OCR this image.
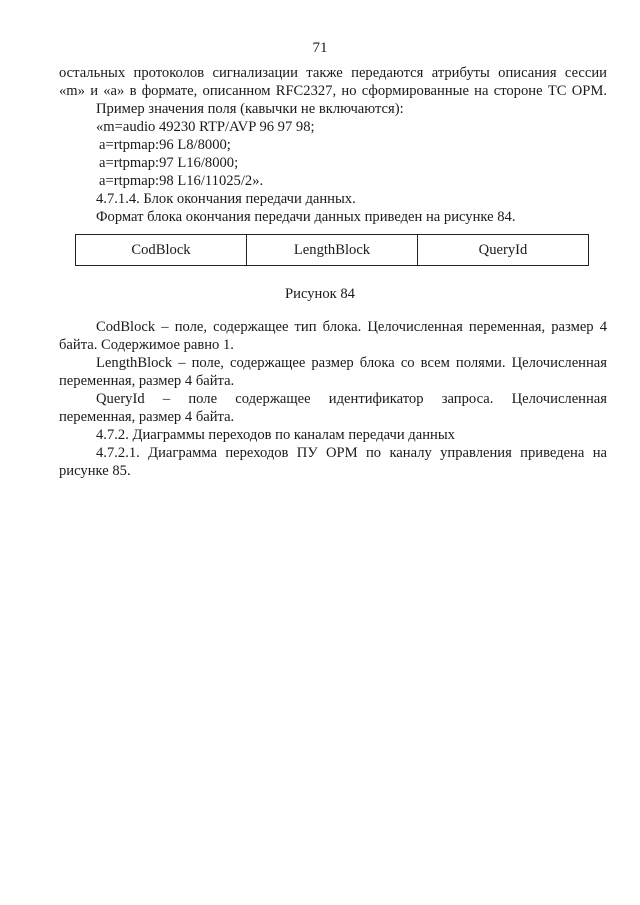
71
остальных протоколов сигнализации также передаются атрибуты описания сессии
«m» и «a» в формате, описанном RFC2327, но сформированные на стороне ТС ОРМ.
Пример значения поля (кавычки не включаются):
«m=audio 49230 RTP/AVP 96 97 98;
a=rtpmap:96 L8/8000;
a=rtpmap:97 L16/8000;
a=rtpmap:98 L16/11025/2».
4.7.1.4. Блок окончания передачи данных.
Формат блока окончания передачи данных приведен на рисунке 84.
CodBlock	LengthBlock	QueryId
Рисунок 84
CodBlock – поле, содержащее тип блока. Целочисленная переменная, размер 4
байта. Содержимое равно 1.
LengthBlock – поле, содержащее размер блока со всем полями. Целочисленная
переменная, размер 4 байта.
QueryId – поле содержащее идентификатор запроса. Целочисленная
переменная, размер 4 байта.
4.7.2. Диаграммы переходов по каналам передачи данных
4.7.2.1. Диаграмма переходов ПУ ОРМ по каналу управления приведена на
рисунке 85.
